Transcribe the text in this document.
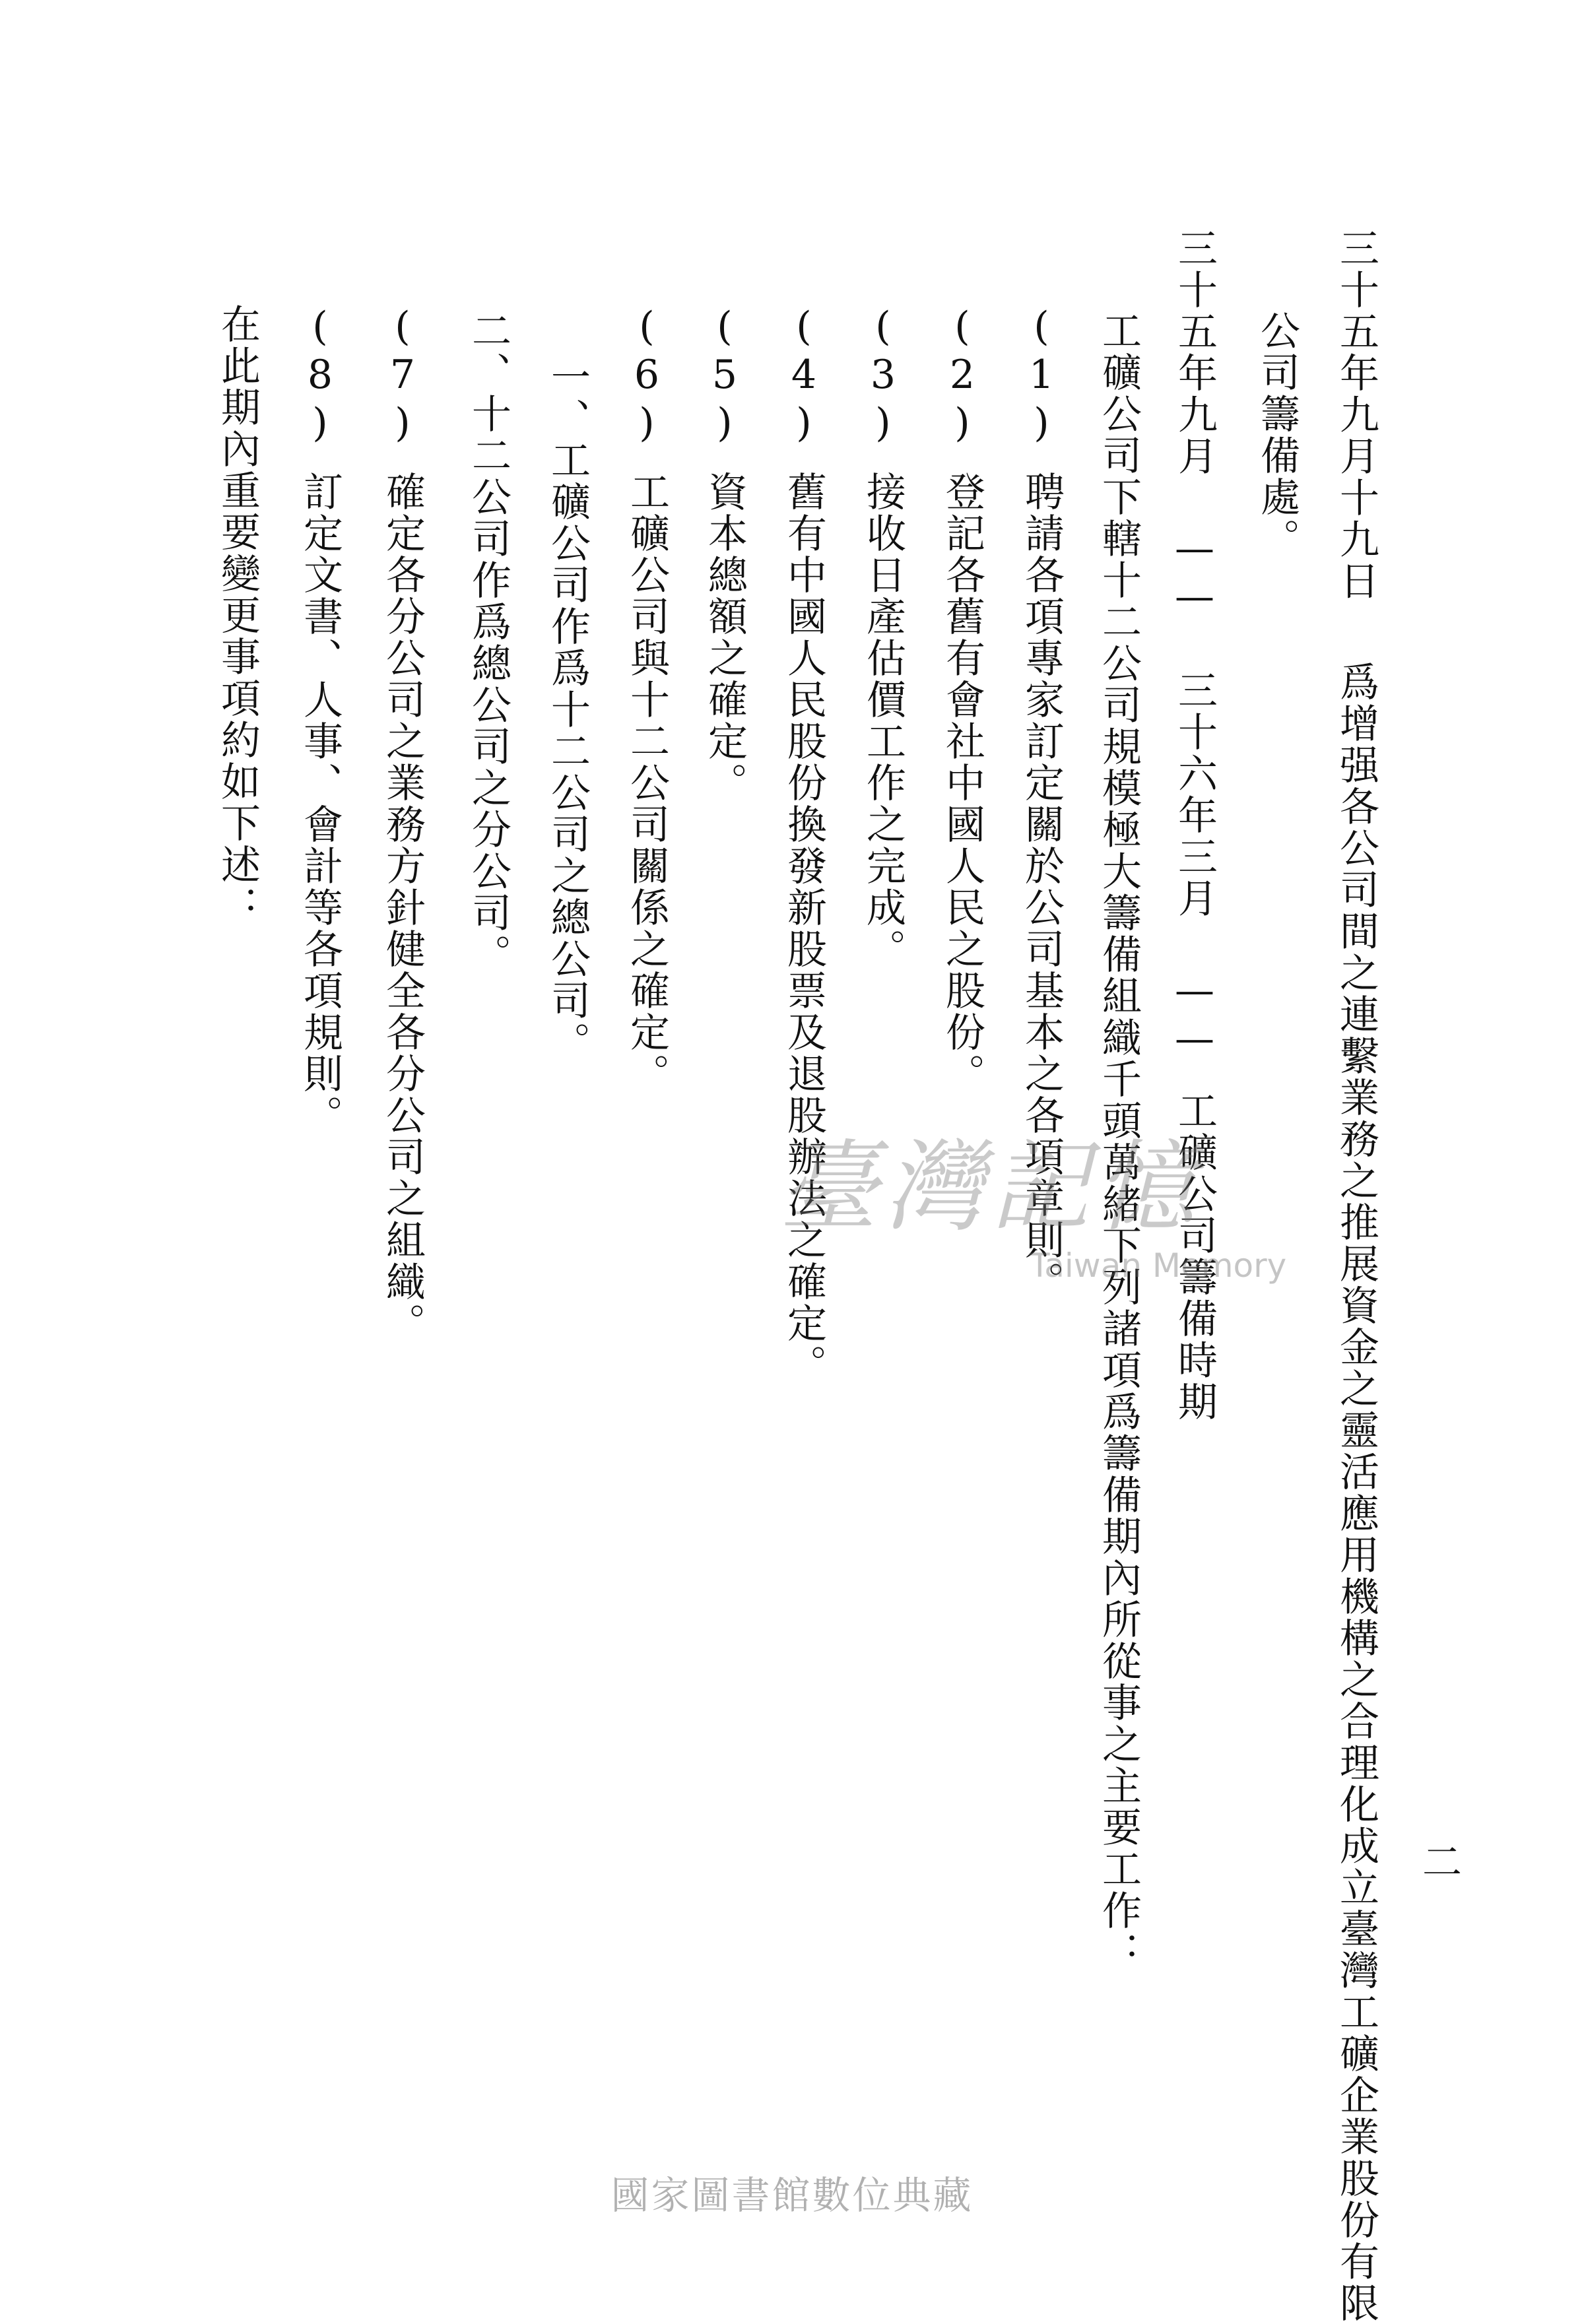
二
三十五年九月十九日爲增强各公司間之連繫業務之推展資金之靈活應用機構之合理化成立臺灣工礦企業股份有限
公司籌備處。
三十五年九月 —— 三十六年三月 ——工礦公司籌備時期
工礦公司下轄十二公司規模極大籌備組織千頭萬緒下列諸項爲籌備期內所從事之主要工作：
(1)聘請各項專家訂定關於公司基本之各項章則。
(2)登記各舊有會社中國人民之股份。
(3)接收日產估價工作之完成。
(4)舊有中國人民股份換發新股票及退股辦法之確定。
(5)資本總額之確定。
(6)工礦公司與十二公司關係之確定。
一、工礦公司作爲十二公司之總公司。
二、十二公司作爲總公司之分公司。
(7)確定各分公司之業務方針健全各分公司之組織。
(8)訂定文書、人事、會計等各項規則。
在此期內重要變更事項約如下述：
臺灣記憶
Taiwan Memory
國家圖書館數位典藏
